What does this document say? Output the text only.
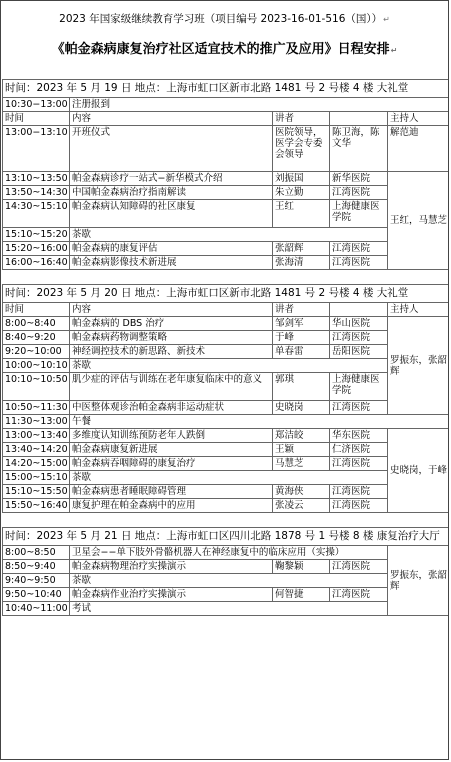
2023 年国家级继续教育学习班（项目编号 2023-16-01-516（国））↵
《帕金森病康复治疗社区适宜技术的推广及应用》日程安排↵
时间：2023 年 5 月 19 日 地点：上海市虹口区新市北路 1481 号 2 号楼 4 楼 大礼堂				
10:30−13:00	注册报到			
时间	内容	讲者		主持人
13:00−13:10	开班仪式	医院领导，医学会专委会领导	陈卫海，陈文华	解范迪
13:10~13:50	帕金森病诊疗一站式−新华模式介绍	刘振国	新华医院	王红，马慧芝
13:50~14:30	中国帕金森病治疗指南解读	朱立勤	江湾医院	
14:30~15:10	帕金森病认知障碍的社区康复	王红	上海健康医学院	
15:10~15:20	茶歇			
15:20~16:00	帕金森病的康复评估	张韶辉	江湾医院	
16:00~16:40	帕金森病影像技术新进展	张海清	江湾医院	
时间：2023 年 5 月 20 日 地点：上海市虹口区新市北路 1481 号 2 号楼 4 楼 大礼堂				
时间	内容	讲者		主持人
8:00~8:40	帕金森病的 DBS 治疗	邹剑军	华山医院	罗振东，张韶辉
8:40~9:20	帕金森病药物调整策略	于峰	江湾医院	
9:20~10:00	神经调控技术的新思路、新技术	单春雷	岳阳医院	
10:00~10:10	茶歇			
10:10~10:50	肌少症的评估与训练在老年康复临床中的意义	郭琪	上海健康医学院	
10:50~11:30	中医整体观诊治帕金森病非运动症状	史晓岗	江湾医院	
11:30~13:00	午餐			
13:00~13:40	多维度认知训练预防老年人跌倒	郑洁皎	华东医院	史晓岗，于峰
13:40~14:20	帕金森病康复新进展	王颖	仁济医院	
14:20~15:00	帕金森病吞咽障碍的康复治疗	马慧芝	江湾医院	
15:00~15:10	茶歇			
15:10~15:50	帕金森病患者睡眠障碍管理	黄海侠	江湾医院	
15:50~16:40	康复护理在帕金森病中的应用	张凌云	江湾医院	
时间：2023 年 5 月 21 日 地点：上海市虹口区四川北路 1878 号 1 号楼 8 楼 康复治疗大厅				
8:00~8:50	卫星会−−单下肢外骨骼机器人在神经康复中的临床应用（实操）			罗振东，张韶辉
8:50~9:40	帕金森病物理治疗实操演示	鞠黎颖	江湾医院	
9:40~9:50	茶歇			
9:50~10:40	帕金森病作业治疗实操演示	何智捷	江湾医院	
10:40~11:00	考试			
